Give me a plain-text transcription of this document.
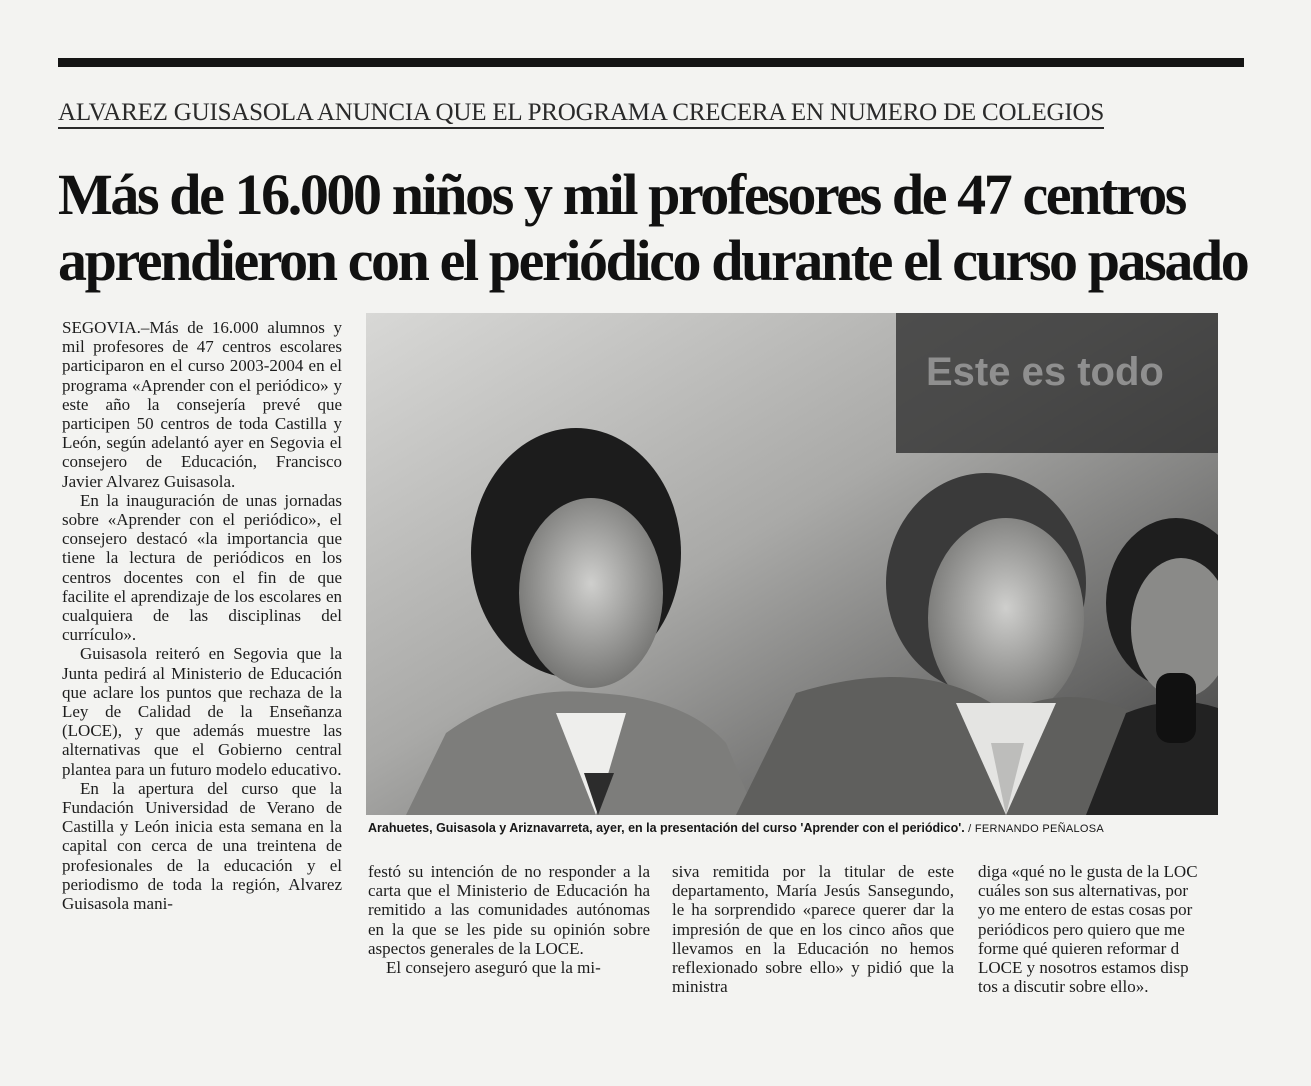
ALVAREZ GUISASOLA ANUNCIA QUE EL PROGRAMA CRECERA EN NUMERO DE COLEGIOS
Más de 16.000 niños y mil profesores de 47 centros
aprendieron con el periódico durante el curso pasado

SEGOVIA.–Más de 16.000 alumnos y mil profesores de 47 centros escolares participaron en el curso 2003-2004 en el programa «Aprender con el periódico» y este año la consejería prevé que participen 50 centros de toda Castilla y León, según adelantó ayer en Segovia el consejero de Educación, Francisco Javier Alvarez Guisasola.

En la inauguración de unas jornadas sobre «Aprender con el periódico», el consejero destacó «la importancia que tiene la lectura de periódicos en los centros docentes con el fin de que facilite el aprendizaje de los escolares en cualquiera de las disciplinas del currículo».

Guisasola reiteró en Segovia que la Junta pedirá al Ministerio de Educación que aclare los puntos que rechaza de la Ley de Calidad de la Enseñanza (LOCE), y que además muestre las alternativas que el Gobierno central plantea para un futuro modelo educativo.

En la apertura del curso que la Fundación Universidad de Verano de Castilla y León inicia esta semana en la capital con cerca de una treintena de profesionales de la educación y el periodismo de toda la región, Alvarez Guisasola mani-

Este es todo
Arahuetes, Guisasola y Ariznavarreta, ayer, en la presentación del curso 'Aprender con el periódico'. / FERNANDO PEÑALOSA

festó su intención de no responder a la carta que el Ministerio de Educación ha remitido a las comunidades autónomas en la que se les pide su opinión sobre aspectos generales de la LOCE.

El consejero aseguró que la mi-

siva remitida por la titular de este departamento, María Jesús Sansegundo, le ha sorprendido «parece querer dar la impresión de que en los cinco años que llevamos en la Educación no hemos reflexionado sobre ello» y pidió que la ministra

diga «qué no le gusta de la LOC
cuáles son sus alternativas, por
yo me entero de estas cosas por
periódicos pero quiero que me
forme qué quieren reformar d
LOCE y nosotros estamos disp
tos a discutir sobre ello».
